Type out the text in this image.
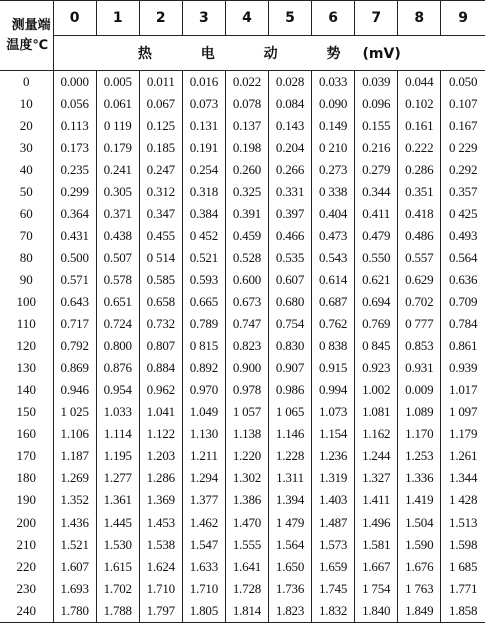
测量端
温度℃	0	1	2	3	4	5	6	7	8	9
	热 电 动 势(mV)									
0	0.000	0.005	0.011	0.016	0.022	0.028	0.033	0.039	0.044	0.050
10	0.056	0.061	0.067	0.073	0.078	0.084	0.090	0.096	0.102	0.107
20	0.113	0 119	0.125	0.131	0.137	0.143	0.149	0.155	0.161	0.167
30	0.173	0.179	0.185	0.191	0.198	0.204	0 210	0.216	0.222	0 229
40	0.235	0.241	0.247	0.254	0.260	0.266	0.273	0.279	0.286	0.292
50	0.299	0.305	0.312	0.318	0.325	0.331	0 338	0.344	0.351	0.357
60	0.364	0.371	0.347	0.384	0.391	0.397	0.404	0.411	0.418	0 425
70	0.431	0.438	0.455	0 452	0.459	0.466	0.473	0.479	0.486	0.493
80	0.500	0.507	0 514	0.521	0.528	0.535	0.543	0.550	0.557	0.564
90	0.571	0.578	0.585	0.593	0.600	0.607	0.614	0.621	0.629	0.636
100	0.643	0.651	0.658	0.665	0.673	0.680	0.687	0.694	0.702	0.709
110	0.717	0.724	0.732	0.789	0.747	0.754	0.762	0.769	0 777	0.784
120	0.792	0.800	0.807	0 815	0.823	0.830	0 838	0 845	0.853	0.861
130	0.869	0.876	0.884	0.892	0.900	0.907	0.915	0.923	0.931	0.939
140	0.946	0.954	0.962	0.970	0.978	0.986	0.994	1.002	0.009	1.017
150	1 025	1.033	1.041	1.049	1 057	1 065	1.073	1.081	1.089	1 097
160	1.106	1.114	1.122	1.130	1.138	1.146	1.154	1.162	1.170	1.179
170	1.187	1.195	1.203	1.211	1.220	1.228	1.236	1.244	1.253	1.261
180	1.269	1.277	1.286	1.294	1.302	1.311	1.319	1.327	1.336	1.344
190	1.352	1.361	1.369	1.377	1.386	1.394	1.403	1.411	1.419	1 428
200	1.436	1.445	1.453	1.462	1.470	1 479	1.487	1.496	1.504	1.513
210	1.521	1.530	1.538	1.547	1.555	1.564	1.573	1.581	1.590	1.598
220	1.607	1.615	1.624	1.633	1.641	1.650	1.659	1.667	1.676	1 685
230	1.693	1.702	1.710	1.710	1.728	1.736	1.745	1 754	1 763	1.771
240	1.780	1.788	1.797	1.805	1.814	1.823	1.832	1.840	1.849	1.858
